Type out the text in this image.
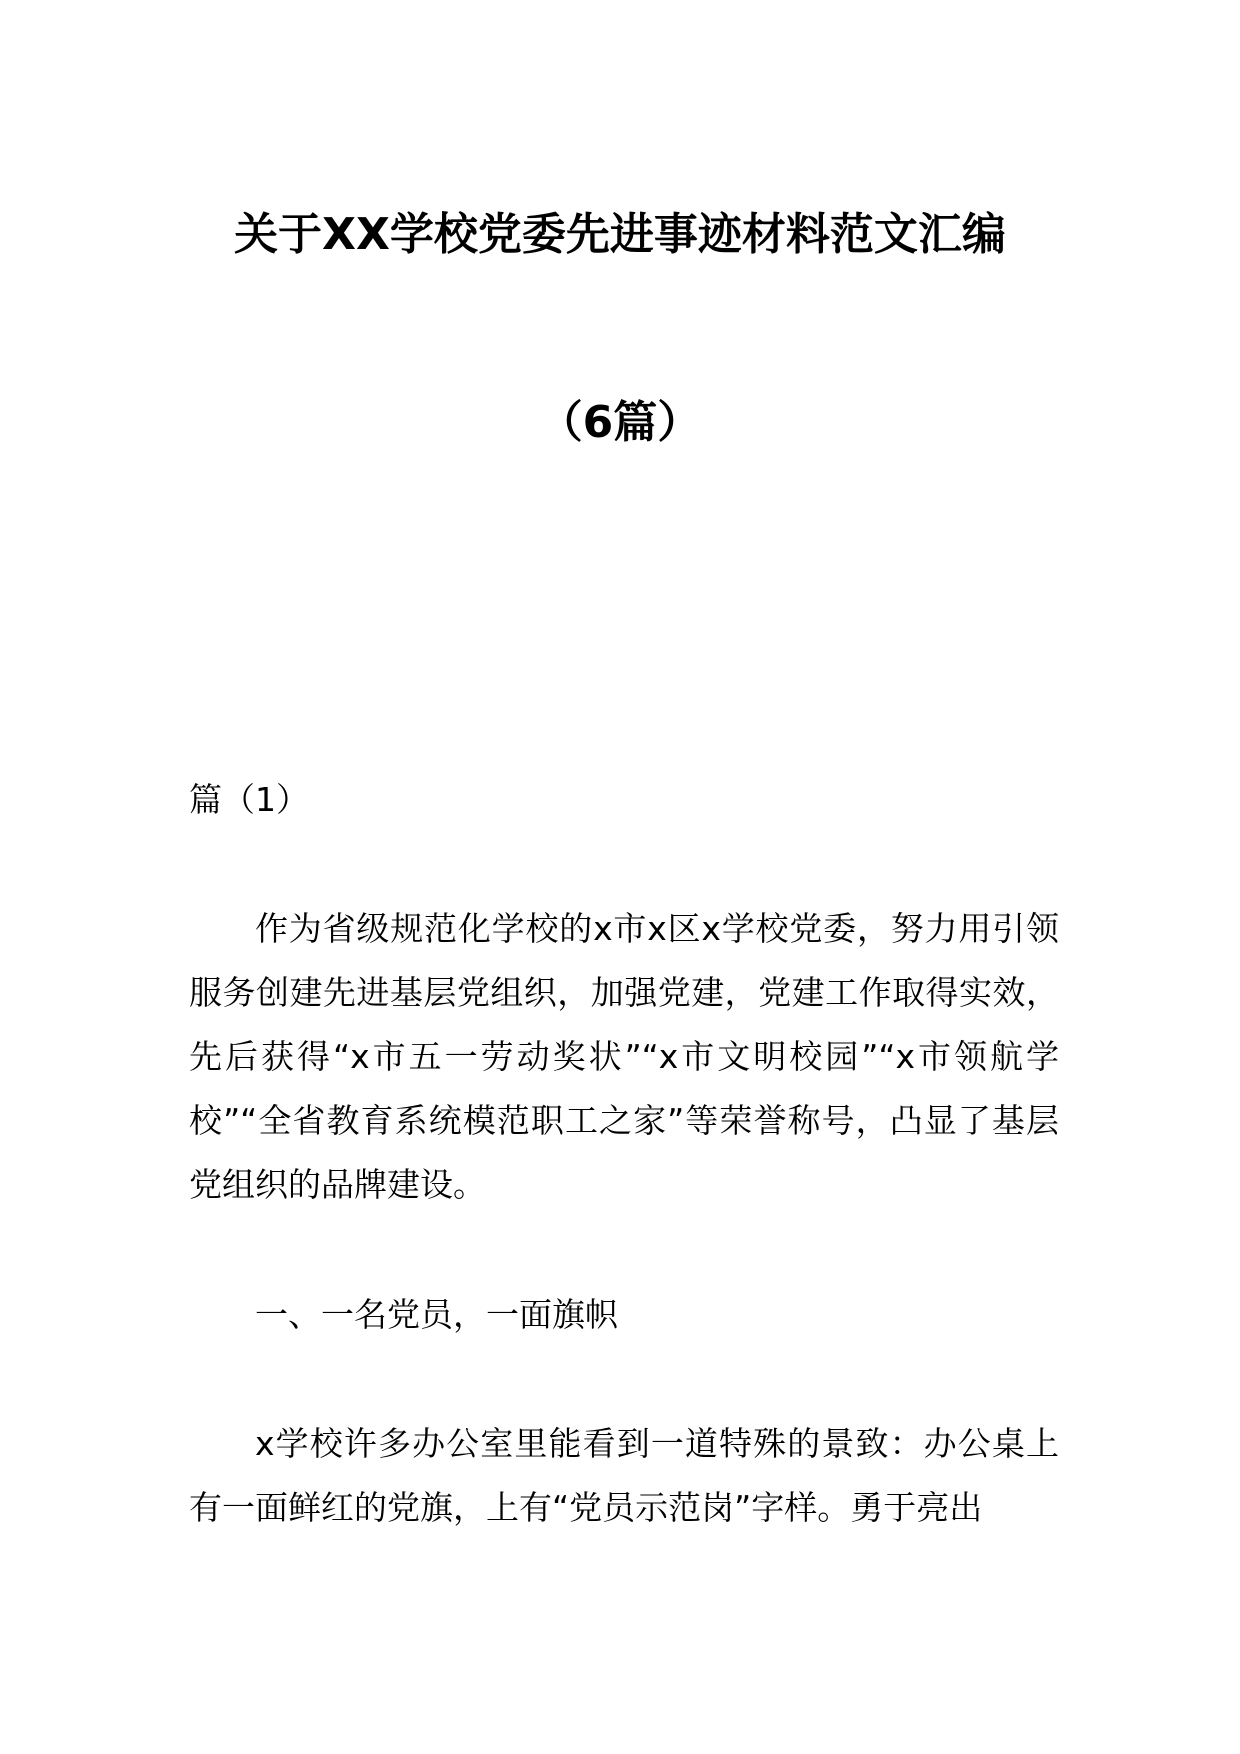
关于XX学校党委先进事迹材料范文汇编
（6篇）

篇（1）

作为省级规范化学校的x市x区x学校党委，努力用引领服务创建先进基层党组织，加强党建，党建工作取得实效，先后获得“x市五一劳动奖状”“x市文明校园”“x市领航学校”“全省教育系统模范职工之家”等荣誉称号，凸显了基层党组织的品牌建设。

一、一名党员，一面旗帜

x学校许多办公室里能看到一道特殊的景致：办公桌上有一面鲜红的党旗，上有“党员示范岗”字样。勇于亮出
